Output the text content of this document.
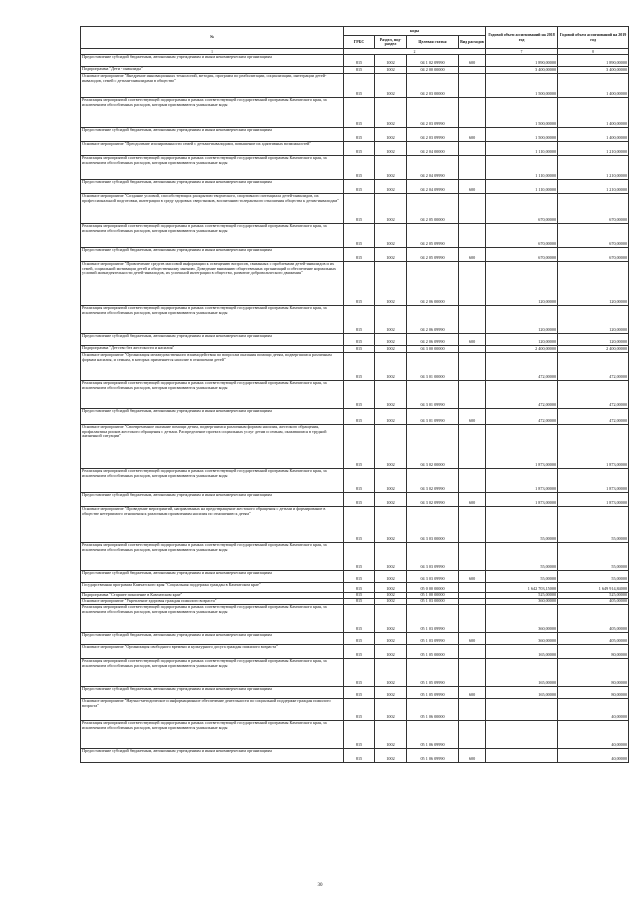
№	коды				Годовой объем ассигнований на 2018 год	Годовой объем ассигнований на 2019 год
	ГРБС	Раздел, под-раздел	Целевая статья	Вид расходов		
1	2				7	8
Предоставление субсидий бюджетным, автономным учреждениям и иным некоммерческим организациям	815	1002	04 1 02 09990	600	1 890,00000	1 890,00000
Подпрограмма "Дети - инвалиды"	815	1002	04 2 00 00000		3 400,00000	3 400,00000
Основное мероприятие "Внедрение инновационных технологий, методик, программ по реабилитации, социализации, интеграции детей-инвалидов, семей с детьми-инвалидами в общество"	815	1002	04 2 03 00000		1 500,00000	1 400,00000
Реализация мероприятий соответствующей подпрограммы в рамках соответствующей государственной программы Камчатского края, за исключением обособленных расходов, которым присваиваются уникальные коды	815	1002	04 2 03 09990		1 500,00000	1 400,00000
Предоставление субсидий бюджетным, автономным учреждениям и иным некоммерческим организациям	815	1002	04 2 03 09990	600	1 500,00000	1 400,00000
Основное мероприятие "Преодоление изолированности семей с детьми-инвалидами, повышение их адаптивных возможностей"	815	1002	04 2 04 00000		1 110,00000	1 210,00000
Реализация мероприятий соответствующей подпрограммы в рамках соответствующей государственной программы Камчатского края, за исключением обособленных расходов, которым присваиваются уникальные коды	815	1002	04 2 04 09990		1 110,00000	1 210,00000
Предоставление субсидий бюджетным, автономным учреждениям и иным некоммерческим организациям	815	1002	04 2 04 09990	600	1 110,00000	1 210,00000
Основное мероприятие "Создание условий, способствующих раскрытию творческого, спортивного потенциала детей-инвалидов, их профессиональной подготовки, интеграции в среду здоровых сверстников, воспитанию толерантного отношения общества к детям-инвалидам"	815	1002	04 2 05 00000		670,00000	670,00000
Реализация мероприятий соответствующей подпрограммы в рамках соответствующей государственной программы Камчатского края, за исключением обособленных расходов, которым присваиваются уникальные коды	815	1002	04 2 05 09990		670,00000	670,00000
Предоставление субсидий бюджетным, автономным учреждениям и иным некоммерческим организациям	815	1002	04 2 05 09990	600	670,00000	670,00000
Основное мероприятие "Привлечение средств массовой информации к освещению вопросов, связанных с проблемами детей-инвалидов и их семей, социальной мотивации детей и общественному мнению. Доведение вниманию общественных организаций и обеспечение нормальных условий жизнедеятельности детей-инвалидов, их успешной интеграции в общество, развитие добровольческого движения"	815	1002	04 2 06 00000		120,00000	120,00000
Реализация мероприятий соответствующей подпрограммы в рамках соответствующей государственной программы Камчатского края, за исключением обособленных расходов, которым присваиваются уникальные коды	815	1002	04 2 06 09990		120,00000	120,00000
Предоставление субсидий бюджетным, автономным учреждениям и иным некоммерческим организациям	815	1002	04 2 06 09990	600	120,00000	120,00000
Подпрограмма "Детство без жестокости и насилия"	815	1002	04 3 00 00000		2 400,00000	2 400,00000
Основное мероприятие "Организация межведомственного взаимодействия по вопросам оказания помощи детям, подвергшимся различным формам насилия, и семьям, в которых применяется насилие в отношении детей"	815	1002	04 3 01 00000		472,00000	472,00000
Реализация мероприятий соответствующей подпрограммы в рамках соответствующей государственной программы Камчатского края, за исключением обособленных расходов, которым присваиваются уникальные коды	815	1002	04 3 01 09990		472,00000	472,00000
Предоставление субсидий бюджетным, автономным учреждениям и иным некоммерческим организациям	815	1002	04 3 01 09990	600	472,00000	472,00000
Основное мероприятие "Своевременное оказание помощи детям, подвергшимся различным формам насилия, жестокого обращения, профилактика рисков жестокого обращения с детьми. Распределение проекта социальных услуг детям и семьям, оказавшимся в трудной жизненной ситуации"	815	1002	04 3 02 00000		1 873,00000	1 873,00000
Реализация мероприятий соответствующей подпрограммы в рамках соответствующей государственной программы Камчатского края, за исключением обособленных расходов, которым присваиваются уникальные коды	815	1002	04 3 02 09990		1 873,00000	1 873,00000
Предоставление субсидий бюджетным, автономным учреждениям и иным некоммерческим организациям	815	1002	04 3 02 09990	600	1 873,00000	1 873,00000
Основное мероприятие "Проведение мероприятий, направленных на предотвращение жестокого обращения с детьми и формирование в обществе нетерпимого отношения к различным проявлениям насилия по отношению к детям"	815	1002	04 3 03 00000		55,00000	55,00000
Реализация мероприятий соответствующей подпрограммы в рамках соответствующей государственной программы Камчатского края, за исключением обособленных расходов, которым присваиваются уникальные коды	815	1002	04 3 03 09990		55,00000	55,00000
Предоставление субсидий бюджетным, автономным учреждениям и иным некоммерческим организациям	815	1002	04 3 03 09990	600	55,00000	55,00000
Государственная программа Камчатского края "Социальная поддержка граждан в Камчатском крае"	815	1002	05 0 00 00000		1 642 703,15000	1 649 914,84000
Подпрограмма "Старшее поколение в Камчатском крае"	815	1002	05 1 00 00000		525,00000	525,00000
Основное мероприятие "Укрепление здоровья граждан пожилого возраста"	815	1002	05 1 03 00000		360,00000	405,00000
Реализация мероприятий соответствующей подпрограммы в рамках соответствующей государственной программы Камчатского края, за исключением обособленных расходов, которым присваиваются уникальные коды	815	1002	05 1 03 09990		360,00000	405,00000
Предоставление субсидий бюджетным, автономным учреждениям и иным некоммерческим организациям	815	1002	05 1 03 09990	600	360,00000	405,00000
Основное мероприятие "Организация свободного времени и культурного досуга граждан пожилого возраста"	815	1002	05 1 05 00000		165,00000	80,00000
Реализация мероприятий соответствующей подпрограммы в рамках соответствующей государственной программы Камчатского края, за исключением обособленных расходов, которым присваиваются уникальные коды	815	1002	05 1 05 09990		165,00000	80,00000
Предоставление субсидий бюджетным, автономным учреждениям и иным некоммерческим организациям	815	1002	05 1 05 09990	600	165,00000	80,00000
Основное мероприятие "Научно-методическое и информационное обеспечение деятельности по социальной поддержке граждан пожилого возраста"	815	1002	05 1 06 00000			40,00000
Реализация мероприятий соответствующей подпрограммы в рамках соответствующей государственной программы Камчатского края, за исключением обособленных расходов, которым присваиваются уникальные коды	815	1002	05 1 06 09990			40,00000
Предоставление субсидий бюджетным, автономным учреждениям и иным некоммерческим организациям	815	1002	05 1 06 09990	600		40,00000
30
